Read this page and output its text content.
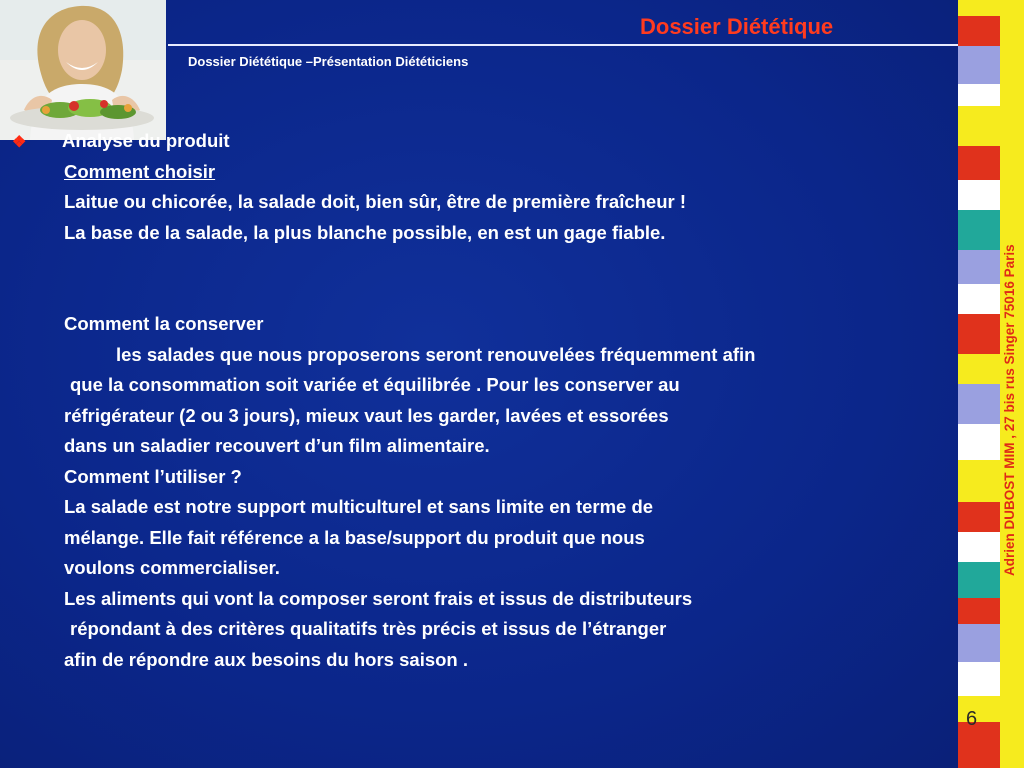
Dossier Diététique
Dossier Diététique –Présentation Diététiciens
❖ Analyse du produit
Comment choisir
Laitue ou chicorée, la salade doit, bien sûr, être de première fraîcheur !
La base de la salade, la plus blanche possible, en est un gage fiable.
Comment la conserver
les salades que nous proposerons seront renouvelées fréquemment afin
que la consommation soit variée et équilibrée . Pour les conserver au
réfrigérateur (2 ou 3 jours), mieux vaut les garder, lavées et essorées
dans un saladier recouvert d’un film alimentaire.
Comment l’utiliser ?
La salade est notre support multiculturel et sans limite en terme de
mélange. Elle fait référence a la base/support du produit que nous
voulons commercialiser.
Les aliments qui vont la composer seront frais et issus de distributeurs
répondant à des critères qualitatifs très précis et issus de l’étranger
afin de répondre aux besoins du hors saison .
Adrien DUBOST MIM , 27 bis rus Singer 75016 Paris
6
